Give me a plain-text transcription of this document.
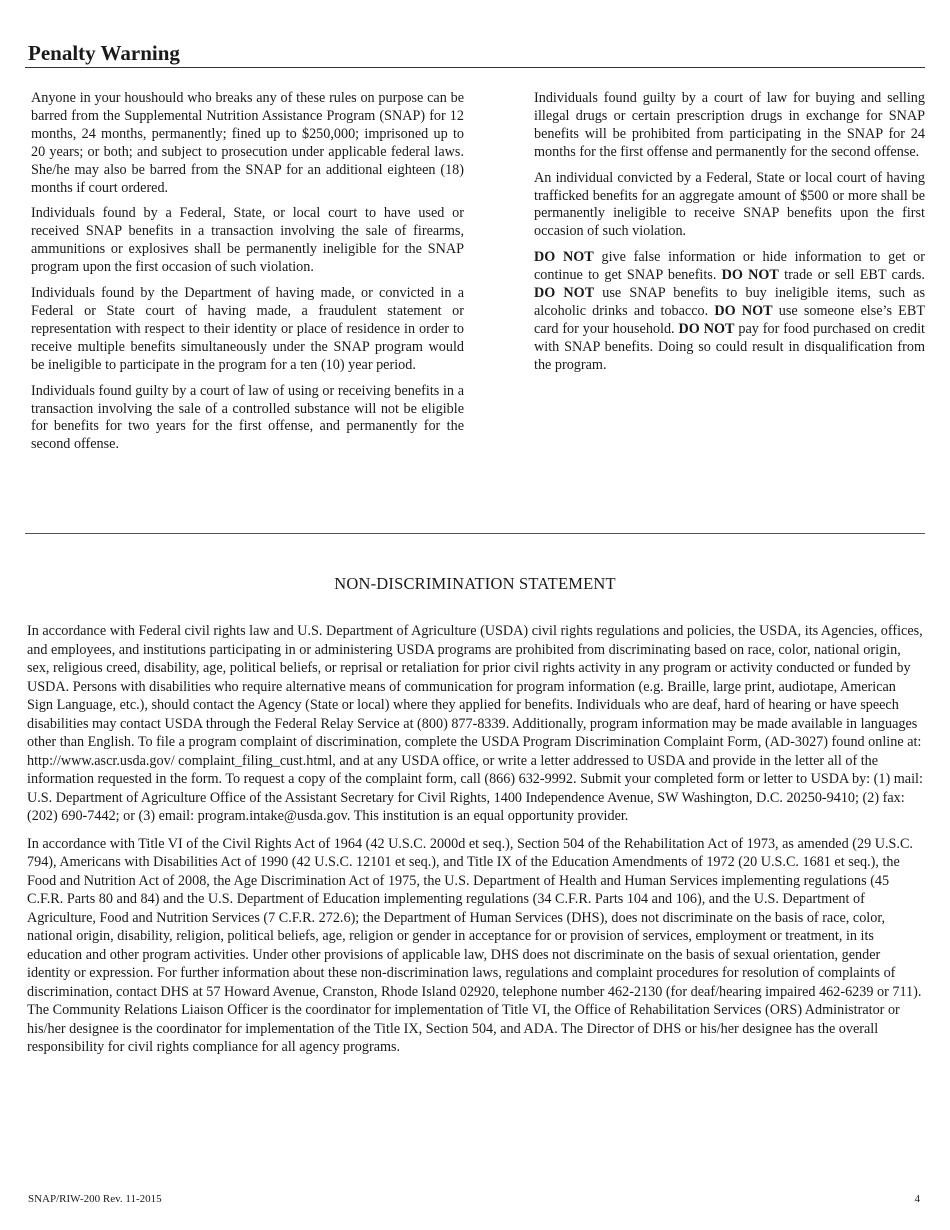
Penalty Warning

Anyone in your houshould who breaks any of these rules on purpose can be barred from the Supplemental Nutrition Assistance Program (SNAP) for 12 months, 24 months, permanently; fined up to $250,000; imprisoned up to 20 years; or both; and subject to prosecution under applicable federal laws. She/he may also be barred from the SNAP for an additional eighteen (18) months if court ordered.

Individuals found by a Federal, State, or local court to have used or received SNAP benefits in a transaction involving the sale of firearms, ammunitions or explosives shall be permanently ineligible for the SNAP program upon the first occasion of such violation.

Individuals found by the Department of having made, or convicted in a Federal or State court of having made, a fraudulent statement or representation with respect to their identity or place of residence in order to receive multiple benefits simultaneously under the SNAP program would be ineligible to participate in the program for a ten (10) year period.

Individuals found guilty by a court of law of using or receiving benefits in a transaction involving the sale of a controlled substance will not be eligible for benefits for two years for the first offense, and permanently for the second offense.

Individuals found guilty by a court of law for buying and selling illegal drugs or certain prescription drugs in exchange for SNAP benefits will be prohibited from participating in the SNAP for 24 months for the first offense and permanently for the second offense.

An individual convicted by a Federal, State or local court of having trafficked benefits for an aggregate amount of $500 or more shall be permanently ineligible to receive SNAP benefits upon the first occasion of such violation.

DO NOT give false information or hide information to get or continue to get SNAP benefits. DO NOT trade or sell EBT cards. DO NOT use SNAP benefits to buy ineligible items, such as alcoholic drinks and tobacco. DO NOT use someone else’s EBT card for your household. DO NOT pay for food purchased on credit with SNAP benefits. Doing so could result in disqualification from the program.

NON-DISCRIMINATION STATEMENT

In accordance with Federal civil rights law and U.S. Department of Agriculture (USDA) civil rights regulations and policies, the USDA, its Agencies, offices, and employees, and institutions participating in or administering USDA programs are prohibited from discriminating based on race, color, national origin, sex, religious creed, disability, age, political beliefs, or reprisal or retaliation for prior civil rights activity in any program or activity conducted or funded by USDA. Persons with disabilities who require alternative means of communication for program information (e.g. Braille, large print, audiotape, American Sign Language, etc.), should contact the Agency (State or local) where they applied for benefits. Individuals who are deaf, hard of hearing or have speech disabilities may contact USDA through the Federal Relay Service at (800) 877-8339. Additionally, program information may be made available in languages other than English. To file a program complaint of discrimination, complete the USDA Program Discrimination Complaint Form, (AD-3027) found online at: http://www.ascr.usda.gov/ complaint_filing_cust.html, and at any USDA office, or write a letter addressed to USDA and provide in the letter all of the information requested in the form. To request a copy of the complaint form, call (866) 632-9992. Submit your completed form or letter to USDA by: (1) mail: U.S. Department of Agriculture Office of the Assistant Secretary for Civil Rights, 1400 Independence Avenue, SW Washington, D.C. 20250-9410; (2) fax: (202) 690-7442; or (3) email: program.intake@usda.gov. This institution is an equal opportunity provider.

In accordance with Title VI of the Civil Rights Act of 1964 (42 U.S.C. 2000d et seq.), Section 504 of the Rehabilitation Act of 1973, as amended (29 U.S.C. 794), Americans with Disabilities Act of 1990 (42 U.S.C. 12101 et seq.), and Title IX of the Education Amendments of 1972 (20 U.S.C. 1681 et seq.), the Food and Nutrition Act of 2008, the Age Discrimination Act of 1975, the U.S. Department of Health and Human Services implementing regulations (45 C.F.R. Parts 80 and 84) and the U.S. Department of Education implementing regulations (34 C.F.R. Parts 104 and 106), and the U.S. Department of Agriculture, Food and Nutrition Services (7 C.F.R. 272.6); the Department of Human Services (DHS), does not discriminate on the basis of race, color, national origin, disability, religion, political beliefs, age, religion or gender in acceptance for or provision of services, employment or treatment, in its education and other program activities. Under other provisions of applicable law, DHS does not discriminate on the basis of sexual orientation, gender identity or expression. For further information about these non-discrimination laws, regulations and complaint procedures for resolution of complaints of discrimination, contact DHS at 57 Howard Avenue, Cranston, Rhode Island 02920, telephone number 462-2130 (for deaf/hearing impaired 462-6239 or 711). The Community Relations Liaison Officer is the coordinator for implementation of Title VI, the Office of Rehabilitation Services (ORS) Administrator or his/her designee is the coordinator for implementation of the Title IX, Section 504, and ADA. The Director of DHS or his/her designee has the overall responsibility for civil rights compliance for all agency programs.

SNAP/RIW-200 Rev. 11-2015	4
